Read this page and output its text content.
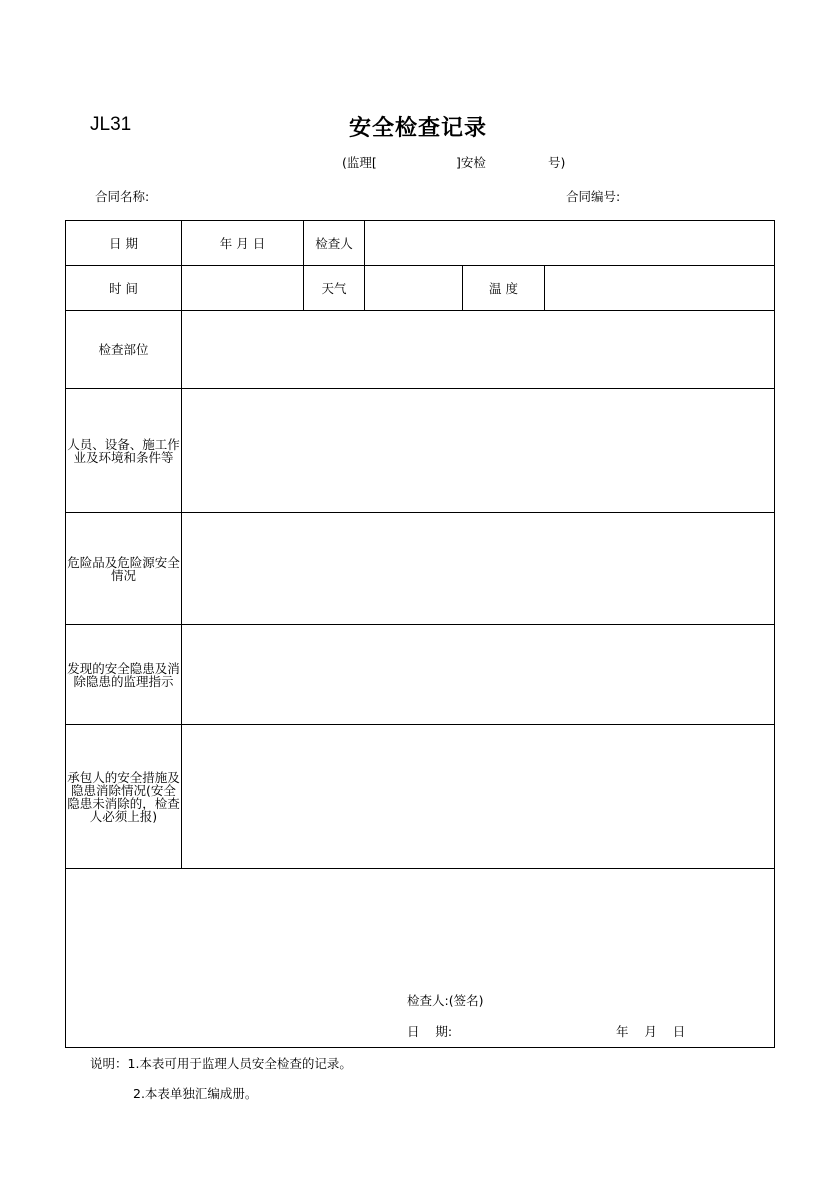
JL31	安全检查记录
(监理[	]安检	号)
合同名称:	合同编号:
日 期	年 月 日	检查人			
时 间		天气		温 度	
检查部位					
人员、设备、施工作业及环境和条件等					
危险品及危险源安全情况					
发现的安全隐患及消除隐患的监理指示					
承包人的安全措施及隐患消除情况(安全隐患未消除的，检查人必须上报)					

检查人:(签名)
日    期: 年    月    日					
说明：1.本表可用于监理人员安全检查的记录。
2.本表单独汇编成册。
